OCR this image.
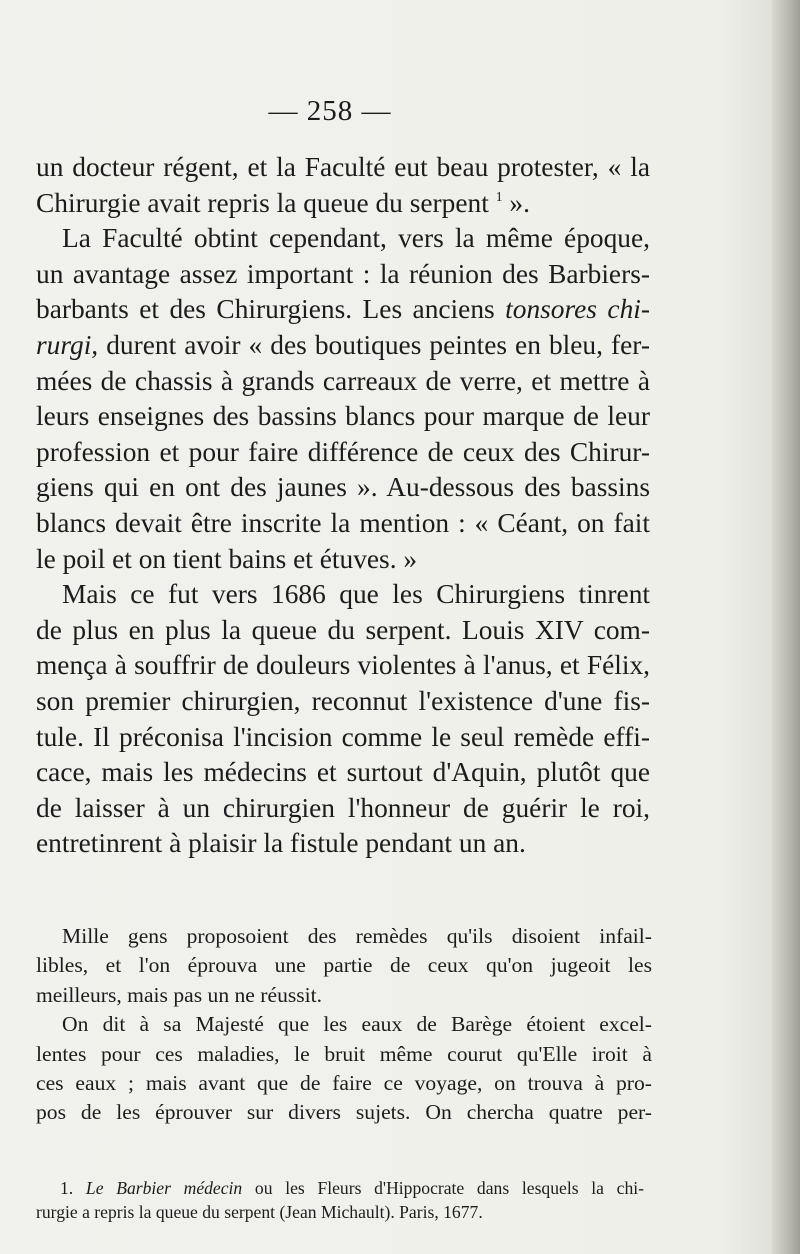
— 258 —

un docteur régent, et la Faculté eut beau protester, « la

Chirurgie avait repris la queue du serpent $^1$ ».

La Faculté obtint cependant, vers la même époque,

un avantage assez important : la réunion des Barbiers-

barbants et des Chirurgiens. Les anciens tonsores chi-

rurgi, durent avoir « des boutiques peintes en bleu, fer-

mées de chassis à grands carreaux de verre, et mettre à

leurs enseignes des bassins blancs pour marque de leur

profession et pour faire différence de ceux des Chirur-

giens qui en ont des jaunes ». Au-dessous des bassins

blancs devait être inscrite la mention : « Céant, on fait

le poil et on tient bains et étuves. »

Mais ce fut vers 1686 que les Chirurgiens tinrent

de plus en plus la queue du serpent. Louis XIV com-

mença à souffrir de douleurs violentes à l'anus, et Félix,

son premier chirurgien, reconnut l'existence d'une fis-

tule. Il préconisa l'incision comme le seul remède effi-

cace, mais les médecins et surtout d'Aquin, plutôt que

de laisser à un chirurgien l'honneur de guérir le roi,

entretinrent à plaisir la fistule pendant un an.

Mille gens proposoient des remèdes qu'ils disoient infail-

libles, et l'on éprouva une partie de ceux qu'on jugeoit les

meilleurs, mais pas un ne réussit.

On dit à sa Majesté que les eaux de Barège étoient excel-

lentes pour ces maladies, le bruit même courut qu'Elle iroit à

ces eaux ; mais avant que de faire ce voyage, on trouva à pro-

pos de les éprouver sur divers sujets. On chercha quatre per-

1. Le Barbier médecin ou les Fleurs d'Hippocrate dans lesquels la chi-

rurgie a repris la queue du serpent (Jean Michault). Paris, 1677.
